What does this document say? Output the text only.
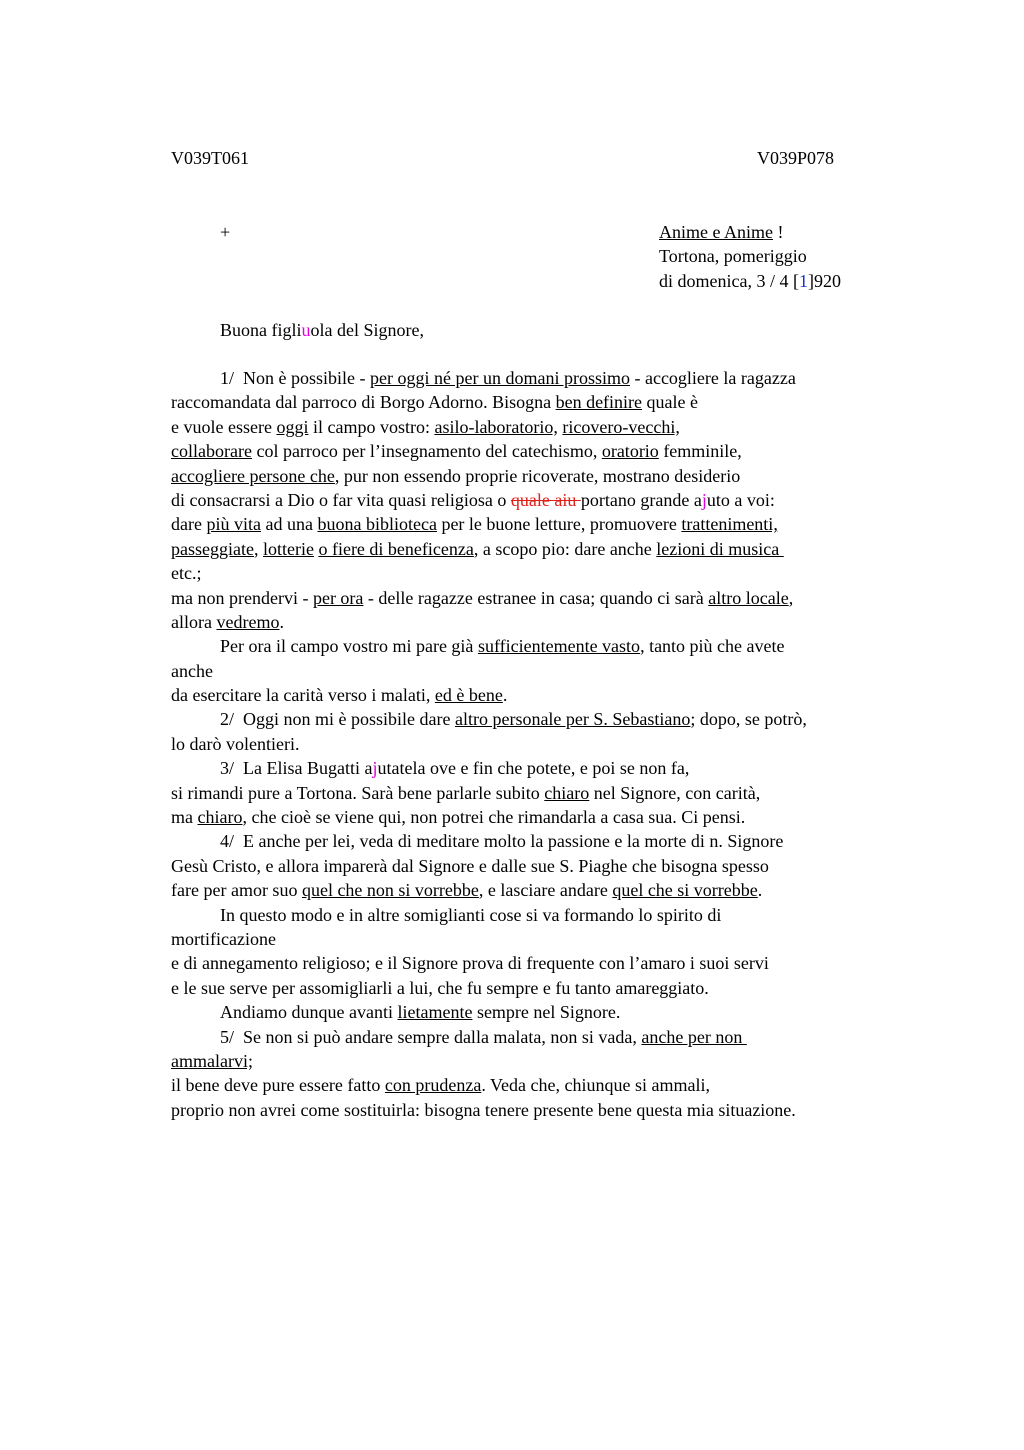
V039T061	V039P078
+	Anime e Anime !
Tortona, pomeriggio
di domenica, 3 / 4 [1]920
Buona figliuola del Signore,
1/  Non è possibile - per oggi né per un domani prossimo - accogliere la ragazza
raccomandata dal parroco di Borgo Adorno. Bisogna ben definire quale è
e vuole essere oggi il campo vostro: asilo-laboratorio, ricovero-vecchi,
collaborare col parroco per l’insegnamento del catechismo, oratorio femminile,
accogliere persone che, pur non essendo proprie ricoverate, mostrano desiderio
di consacrarsi a Dio o far vita quasi religiosa o quale aiu portano grande ajuto a voi:
dare più vita ad una buona biblioteca per le buone letture, promuovere trattenimenti,
passeggiate, lotterie o fiere di beneficenza, a scopo pio: dare anche lezioni di musica
etc.;
ma non prendervi - per ora - delle ragazze estranee in casa; quando ci sarà altro locale,
allora vedremo.
Per ora il campo vostro mi pare già sufficientemente vasto, tanto più che avete
anche
da esercitare la carità verso i malati, ed è bene.
2/  Oggi non mi è possibile dare altro personale per S. Sebastiano; dopo, se potrò,
lo darò volentieri.
3/  La Elisa Bugatti ajutatela ove e fin che potete, e poi se non fa,
si rimandi pure a Tortona. Sarà bene parlarle subito chiaro nel Signore, con carità,
ma chiaro, che cioè se viene qui, non potrei che rimandarla a casa sua. Ci pensi.
4/  E anche per lei, veda di meditare molto la passione e la morte di n. Signore
Gesù Cristo, e allora imparerà dal Signore e dalle sue S. Piaghe che bisogna spesso
fare per amor suo quel che non si vorrebbe, e lasciare andare quel che si vorrebbe.
In questo modo e in altre somiglianti cose si va formando lo spirito di
mortificazione
e di annegamento religioso; e il Signore prova di frequente con l’amaro i suoi servi
e le sue serve per assomigliarli a lui, che fu sempre e fu tanto amareggiato.
Andiamo dunque avanti lietamente sempre nel Signore.
5/  Se non si può andare sempre dalla malata, non si vada, anche per non
ammalarvi;
il bene deve pure essere fatto con prudenza. Veda che, chiunque si ammali,
proprio non avrei come sostituirla: bisogna tenere presente bene questa mia situazione.
